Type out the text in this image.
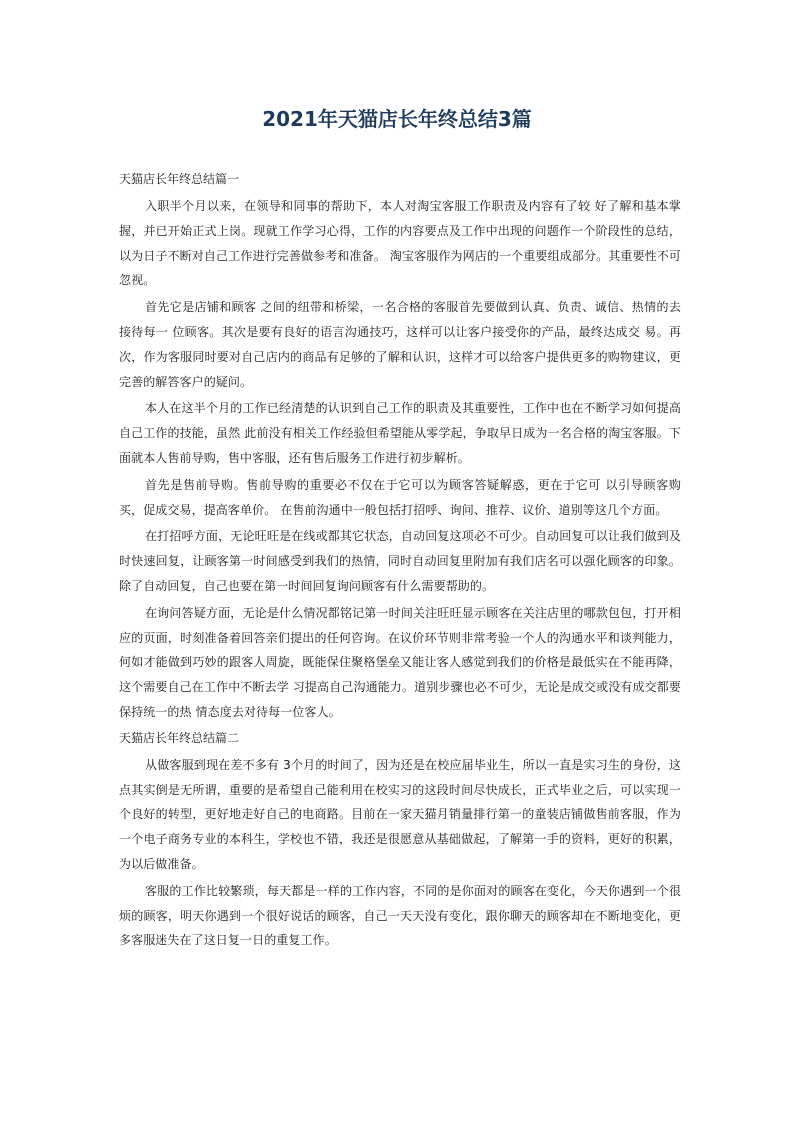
2021年天猫店长年终总结3篇
天猫店长年终总结篇一

入职半个月以来，在领导和同事的帮助下，本人对淘宝客服工作职责及内容有了较 好了解和基本掌握，并已开始正式上岗。现就工作学习心得，工作的内容要点及工作中出现的问题作一个阶段性的总结，以为日子不断对自己工作进行完善做参考和准备。 淘宝客服作为网店的一个重要组成部分。其重要性不可忽视。

首先它是店铺和顾客 之间的纽带和桥梁，一名合格的客服首先要做到认真、负责、诚信、热情的去接待每一 位顾客。其次是要有良好的语言沟通技巧，这样可以让客户接受你的产品，最终达成交 易。再次，作为客服同时要对自己店内的商品有足够的了解和认识，这样才可以给客户提供更多的购物建议，更完善的解答客户的疑问。

本人在这半个月的工作已经清楚的认识到自己工作的职责及其重要性，工作中也在不断学习如何提高自己工作的技能，虽然 此前没有相关工作经验但希望能从零学起，争取早日成为一名合格的淘宝客服。下面就本人售前导购，售中客服，还有售后服务工作进行初步解析。

首先是售前导购。售前导购的重要必不仅在于它可以为顾客答疑解惑，更在于它可 以引导顾客购买，促成交易，提高客单价。 在售前沟通中一般包括打招呼、询问、推荐、议价、道别等这几个方面。

在打招呼方面，无论旺旺是在线或都其它状态，自动回复这项必不可少。自动回复可以让我们做到及时快速回复，让顾客第一时间感受到我们的热情，同时自动回复里附加有我们店名可以强化顾客的印象。除了自动回复，自己也要在第一时间回复询问顾客有什么需要帮助的。

在询问答疑方面，无论是什么情况都铭记第一时间关注旺旺显示顾客在关注店里的哪款包包，打开相应的页面，时刻准备着回答亲们提出的任何咨询。在议价环节则非常考验一个人的沟通水平和谈判能力，何如才能做到巧妙的跟客人周旋，既能保住聚格堡垒又能让客人感觉到我们的价格是最低实在不能再降，这个需要自己在工作中不断去学 习提高自己沟通能力。道别步骤也必不可少，无论是成交或没有成交都要保持统一的热 情态度去对待每一位客人。

天猫店长年终总结篇二

从做客服到现在差不多有 3个月的时间了，因为还是在校应届毕业生，所以一直是实习生的身份，这点其实倒是无所谓，重要的是希望自己能利用在校实习的这段时间尽快成长，正式毕业之后，可以实现一个良好的转型，更好地走好自己的电商路。目前在一家天猫月销量排行第一的童装店铺做售前客服，作为一个电子商务专业的本科生，学校也不错，我还是很愿意从基础做起，了解第一手的资料，更好的积累，为以后做准备。

客服的工作比较繁琐，每天都是一样的工作内容，不同的是你面对的顾客在变化，今天你遇到一个很烦的顾客，明天你遇到一个很好说话的顾客，自己一天天没有变化，跟你聊天的顾客却在不断地变化，更多客服迷失在了这日复一日的重复工作。
